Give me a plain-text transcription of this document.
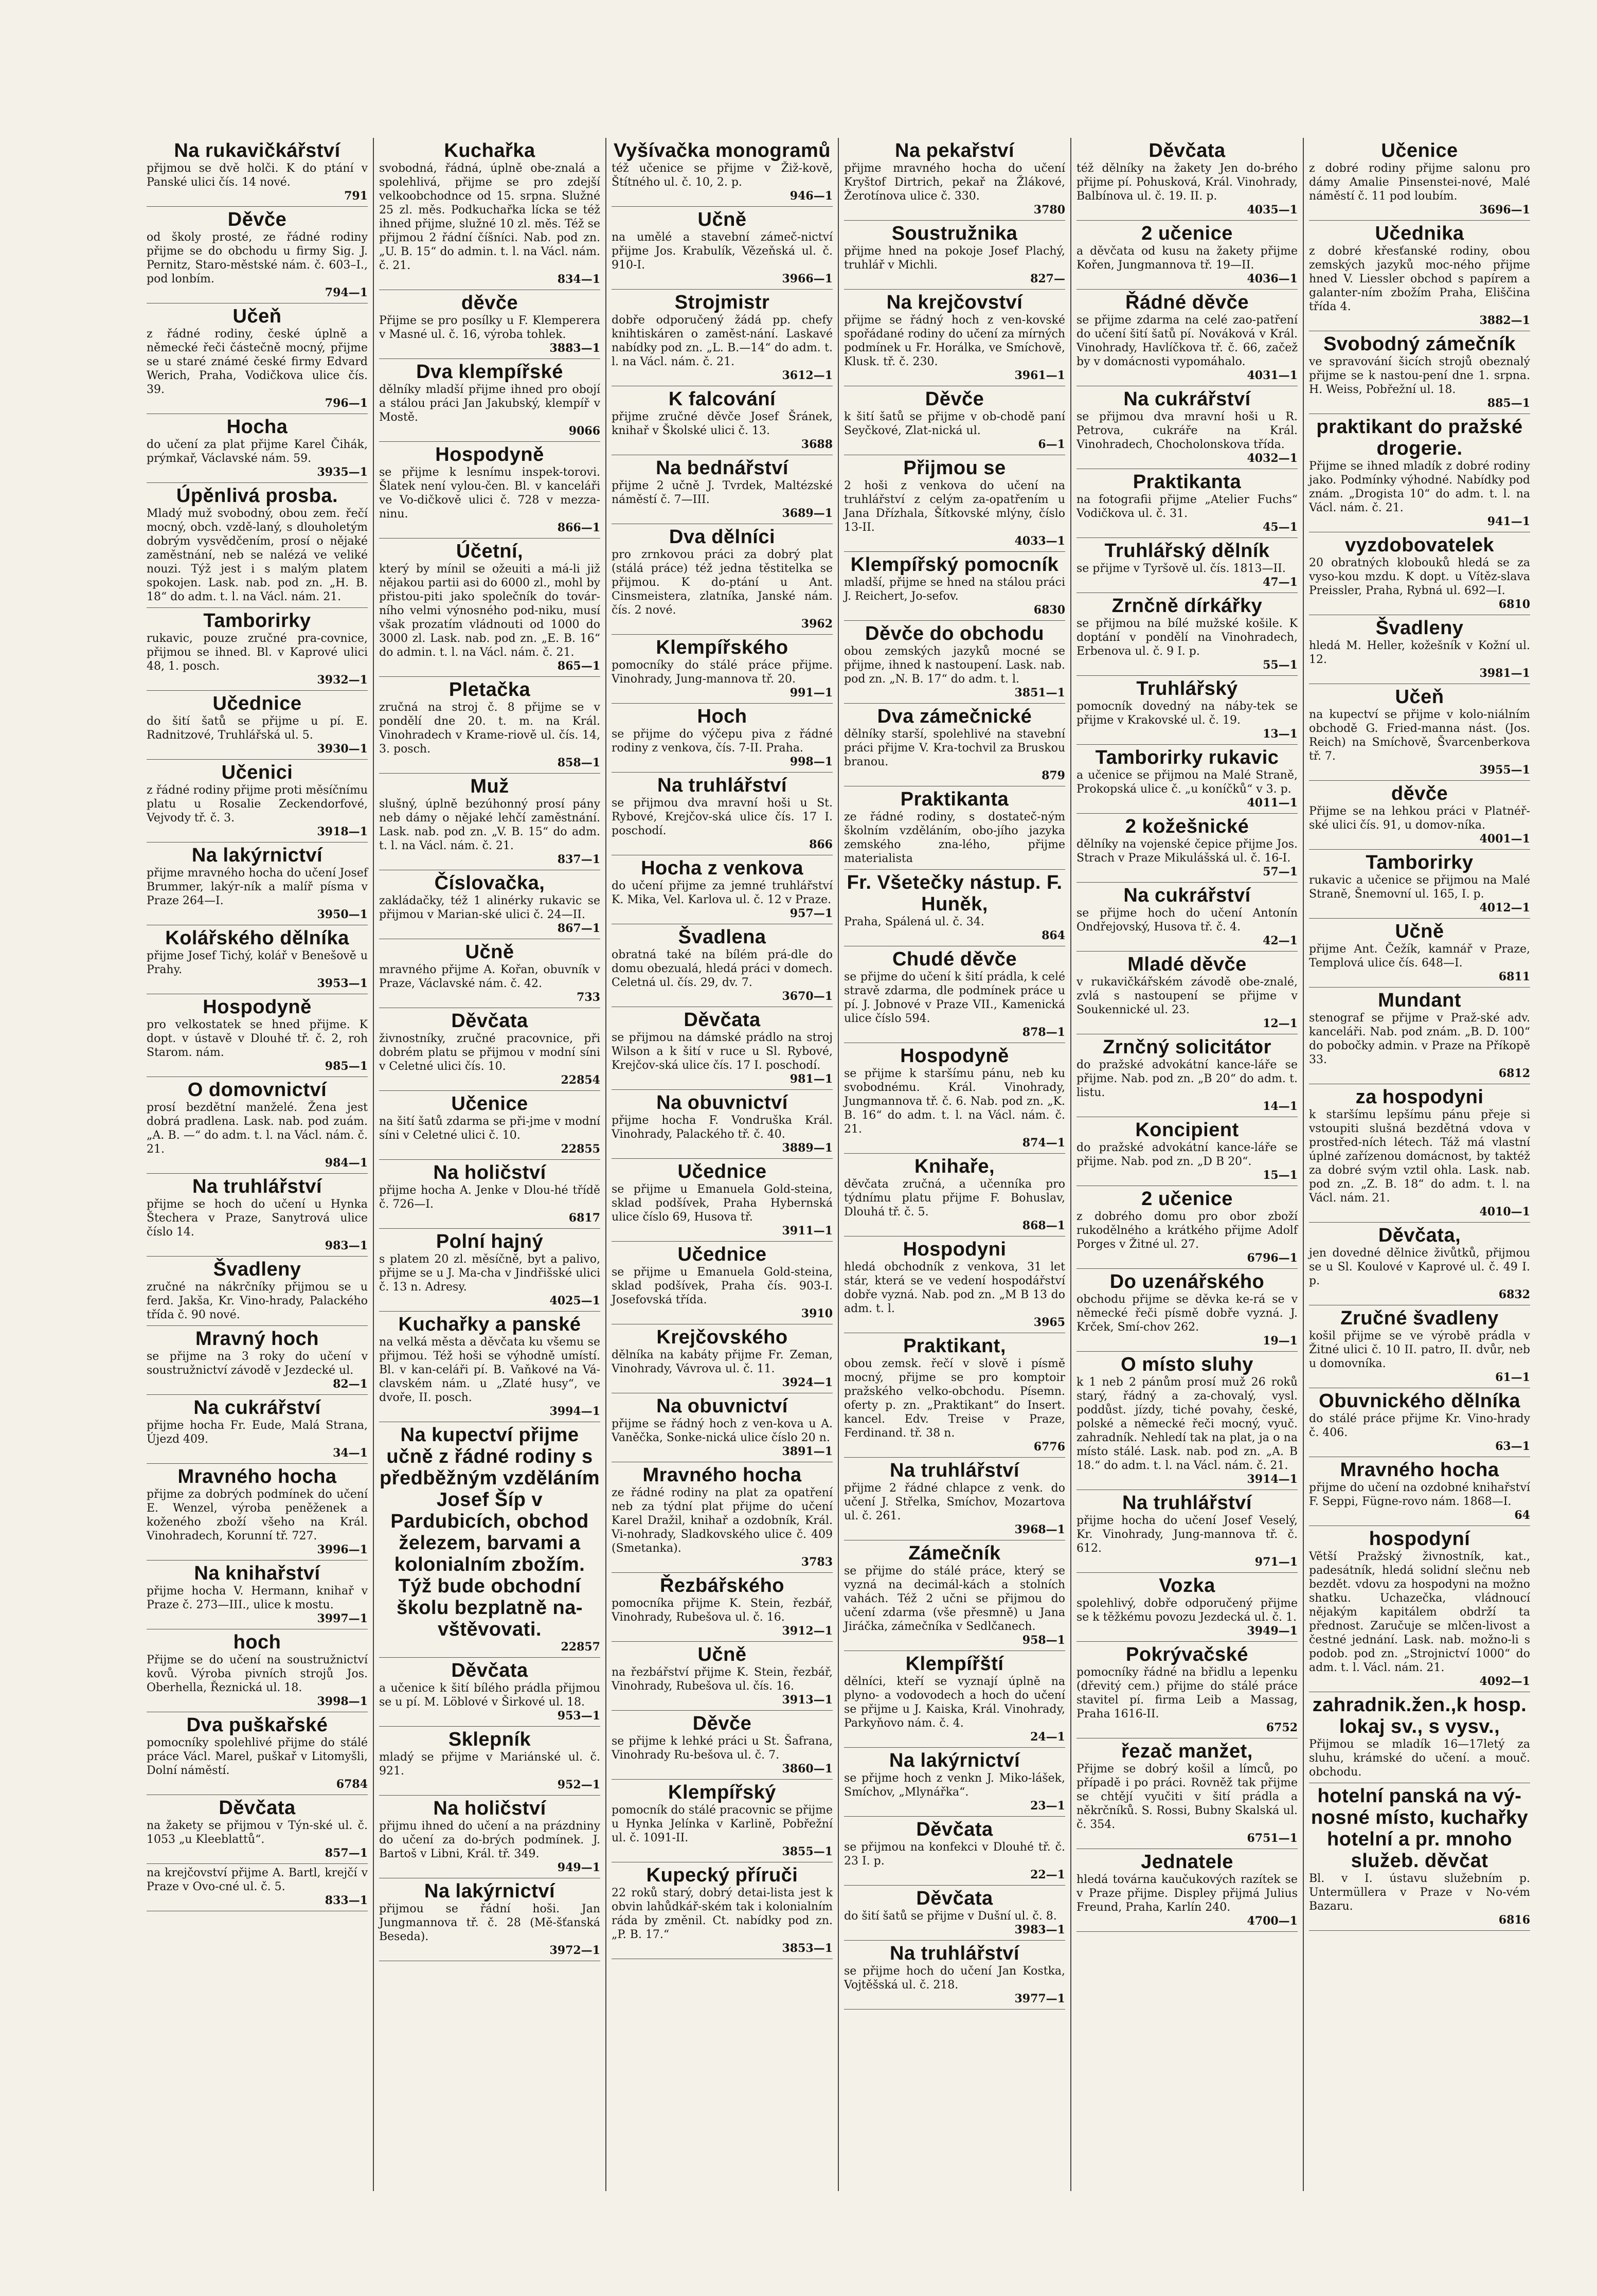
Na rukavičkářství
přijmou se dvě holči. K do ptání v Panské ulici čís. 14 nové.
791
Děvče
od školy prosté, ze řádné rodiny přijme se do obchodu u firmy Sig. J. Pernitz, Staro-městské nám. č. 603–I., pod lonbím.
794—1
Učeň
z řádné rodiny, české úplně a německé řeči částečně mocný, přijme se u staré známé české firmy Edvard Werich, Praha, Vodičkova ulice čís. 39.
796—1
Hocha
do učení za plat přijme Karel Čihák, prýmkař, Václavské nám. 59.
3935—1
Úpěnlivá prosba.
Mladý muž svobodný, obou zem. řečí mocný, obch. vzdě-laný, s dlouholetým dobrým vysvědčením, prosí o nějaké zaměstnání, neb se nalézá ve veliké nouzi. Týž jest i s malým platem spokojen. Lask. nab. pod zn. „H. B. 18“ do adm. t. l. na Václ. nám. 21.
Tamborirky
rukavic, pouze zručné pra-covnice, přijmou se ihned. Bl. v Kaprové ulici 48, 1. posch.
3932—1
Učednice
do šití šatů se přijme u pí. E. Radnitzové, Truhlářská ul. 5.
3930—1
Učenici
z řádné rodiny přijme proti měsíčnímu platu u Rosalie Zeckendorfové, Vejvody tř. č. 3.
3918—1
Na lakýrnictví
přijme mravného hocha do učení Josef Brummer, lakýr-ník a malíř písma v Praze 264—I.
3950—1
Kolářského dělníka
přijme Josef Tichý, kolář v Benešově u Prahy.
3953—1
Hospodyně
pro velkostatek se hned přijme. K dopt. v ústavě v Dlouhé tř. č. 2, roh Starom. nám.
985—1
O domovnictví
prosí bezdětní manželé. Žena jest dobrá pradlena. Lask. nab. pod zuám. „A. B. —“ do adm. t. l. na Václ. nám. č. 21.
984—1
Na truhlářství
přijme se hoch do učení u Hynka Štechera v Praze, Sanytrová ulice číslo 14.
983—1
Švadleny
zručné na nákrčníky přijmou se u ferd. Jakša, Kr. Vino-hrady, Palackého třída č. 90 nové.
Mravný hoch
se přijme na 3 roky do učení v soustružnictví závodě v Jezdecké ul.
82—1
Na cukrářství
přijme hocha Fr. Eude, Malá Strana, Újezd 409.
34—1
Mravného hocha
přijme za dobrých podmínek do učení E. Wenzel, výroba peněženek a koženého zboží všeho na Král. Vinohradech, Korunní tř. 727.
3996—1
Na knihařství
přijme hocha V. Hermann, knihař v Praze č. 273—III., ulice k mostu.
3997—1
hoch
Přijme se do učení na soustružnictví kovů. Výroba pivních strojů Jos. Oberhella, Řeznická ul. 18.
3998—1
Dva puškařské
pomocníky spolehlivé přijme do stálé práce Václ. Marel, puškař v Litomyšli, Dolní náměstí.
6784
Děvčata
na žakety se přijmou v Týn-ské ul. č. 1053 „u Kleeblattů“.
857—1
na krejčovství přijme A. Bartl, krejčí v Praze v Ovo-cné ul. č. 5.
833—1
Kuchařka
svobodná, řádná, úplně obe-znalá a spolehlivá, přijme se pro zdejší velkoobchodnce od 15. srpna. Služné 25 zl. měs. Podkuchařka lícka se též ihned přijme, služné 10 zl. měs. Též se přijmou 2 řádní číšníci. Nab. pod zn. „U. B. 15“ do admin. t. l. na Václ. nám. č. 21.
834—1
děvče
Přijme se pro posílky u F. Klemperera v Masné ul. č. 16, výroba tohlek.
3883—1
Dva klempířské
dělníky mladší přijme ihned pro obojí a stálou práci Jan Jakubský, klempíř v Mostě.
9066
Hospodyně
se přijme k lesnímu inspek-torovi. Šlatek není vylou-čen. Bl. v kanceláři ve Vo-dičkově ulici č. 728 v mezza-ninu.
866—1
Účetní,
který by mínil se ožeuiti a má-li již nějakou partii asi do 6000 zl., mohl by přistou-piti jako společník do továr-ního velmi výnosného pod-niku, musí však prozatím vládnouti od 1000 do 3000 zl. Lask. nab. pod zn. „E. B. 16“ do admin. t. l. na Václ. nám. č. 21.
865—1
Pletačka
zručná na stroj č. 8 přijme se v pondělí dne 20. t. m. na Král. Vinohradech v Krame-riově ul. čís. 14, 3. posch.
858—1
Muž
slušný, úplně bezúhonný prosí pány neb dámy o nějaké lehčí zaměstnání. Lask. nab. pod zn. „V. B. 15“ do adm. t. l. na Václ. nám. č. 21.
837—1
Číslovačka,
zakládačky, též 1 alinérky rukavic se přijmou v Marian-ské ulici č. 24—II.
867—1
Učně
mravného přijme A. Kořan, obuvník v Praze, Václavské nám. č. 42.
733
Děvčata
živnostníky, zručné pracovnice, při dobrém platu se přijmou v modní síni v Celetné ulici čís. 10.
22854
Učenice
na šití šatů zdarma se při-jme v modní síni v Celetné ulici č. 10.
22855
Na holičství
přijme hocha A. Jenke v Dlou-hé třídě č. 726—I.
6817
Polní hajný
s platem 20 zl. měsíčně, byt a palivo, přijme se u J. Ma-cha v Jindřišské ulici č. 13 n. Adresy.
4025—1
Kuchařky a panské
na velká města a děvčata ku všemu se přijmou. Též hoši se výhodně umístí. Bl. v kan-celáři pí. B. Vaňkové na Vá-clavském nám. u „Zlaté husy“, ve dvoře, II. posch.
3994—1
Na kupectví přijme učně z řádné rodiny s předběžným vzděláním Josef Šíp v Pardubicích, obchod železem, barvami a kolonialním zbožím. Týž bude obchodní školu bezplatně na-vštěvovati.
22857
Děvčata
a učenice k šití bílého prádla přijmou se u pí. M. Löblové v Širkové ul. 18.
953—1
Sklepník
mladý se přijme v Mariánské ul. č. 921.
952—1
Na holičství
přijmu ihned do učení a na prázdniny do učení za do-brých podmínek. J. Bartoš v Libni, Král. tř. 349.
949—1
Na lakýrnictví
přijmou se řádní hoši. Jan Jungmannova tř. č. 28 (Mě-šťanská Beseda).
3972—1
Vyšívačka monogramů
též učenice se přijme v Žiž-kově, Štítného ul. č. 10, 2. p.
946—1
Učně
na umělé a stavební zámeč-nictví přijme Jos. Krabulík, Vězeňská ul. č. 910-I.
3966—1
Strojmistr
dobře odporučený žádá pp. chefy knihtiskáren o zaměst-nání. Laskavé nabídky pod zn. „L. B.—14“ do adm. t. l. na Václ. nám. č. 21.
3612—1
K falcování
přijme zručné děvče Josef Šránek, knihař v Školské ulici č. 13.
3688
Na bednářství
přijme 2 učně J. Tvrdek, Maltézské náměstí č. 7—III.
3689—1
Dva dělníci
pro zrnkovou práci za dobrý plat (stálá práce) též jedna těstitelka se přijmou. K do-ptání u Ant. Cinsmeistera, zlatníka, Janské nám. čís. 2 nové.
3962
Klempířského
pomocníky do stálé práce přijme. Vinohrady, Jung-mannova tř. 20.
991—1
Hoch
se přijme do výčepu piva z řádné rodiny z venkova, čís. 7-II. Praha.
998—1
Na truhlářství
se přijmou dva mravní hoši u St. Rybové, Krejčov-ská ulice čís. 17 I. poschodí.
866
Hocha z venkova
do učení přijme za jemné truhlářství K. Mika, Vel. Karlova ul. č. 12 v Praze.
957—1
Švadlena
obratná také na bílém prá-dle do domu obezualá, hledá práci v domech. Celetná ul. čís. 29, dv. 7.
3670—1
Děvčata
se přijmou na dámské prádlo na stroj Wilson a k šití v ruce u Sl. Rybové, Krejčov-ská ulice čís. 17 I. poschodí.
981—1
Na obuvnictví
přijme hocha F. Vondruška Král. Vinohrady, Palackého tř. č. 40.
3889—1
Učednice
se přijme u Emanuela Gold-steina, sklad podšívek, Praha Hybernská ulice číslo 69, Husova tř.
3911—1
Učednice
se přijme u Emanuela Gold-steina, sklad podšívek, Praha čís. 903-I. Josefovská třída.
3910
Krejčovského
dělníka na kabáty přijme Fr. Zeman, Vinohrady, Vávrova ul. č. 11.
3924—1
Na obuvnictví
přijme se řádný hoch z ven-kova u A. Vaněčka, Sonke-nická ulice číslo 20 n.
3891—1
Mravného hocha
ze řádné rodiny na plat za opatření neb za týdní plat přijme do učení Karel Dražil, knihař a ozdobník, Král. Vi-nohrady, Sladkovského ulice č. 409 (Smetanka).
3783
Řezbářského
pomocníka přijme K. Stein, řezbář, Vinohrady, Rubešova ul. č. 16.
3912—1
Učně
na řezbářství přijme K. Stein, řezbář, Vinohrady, Rubešova ul. čís. 16.
3913—1
Děvče
se přijme k lehké práci u St. Šafrana, Vinohrady Ru-bešova ul. č. 7.
3860—1
Klempířský
pomocník do stálé pracovnic se přijme u Hynka Jelínka v Karlině, Pobřežní ul. č. 1091-II.
3855—1
Kupecký příruči
22 roků starý, dobrý detai-lista jest k obvin lahůdkář-ském tak i kolonialním ráda by změnil. Ct. nabídky pod zn. „P. B. 17.“
3853—1
Na pekařství
přijme mravného hocha do učení Kryštof Dirtrich, pekař na Žlákové, Žerotínova ulice č. 330.
3780
Soustružnika
přijme hned na pokoje Josef Plachý, truhlář v Michli.
827—
Na krejčovství
přijme se řádný hoch z ven-kovské spořádané rodiny do učení za mírných podmínek u Fr. Horálka, ve Smíchově, Klusk. tř. č. 230.
3961—1
Děvče
k šití šatů se přijme v ob-chodě paní Seyčkové, Zlat-nická ul.
6—1
Přijmou se
2 hoši z venkova do učení na truhlářství z celým za-opatřením u Jana Dřízhala, Šítkovské mlýny, číslo 13-II.
4033—1
Klempířský pomocník
mladší, přijme se hned na stálou práci J. Reichert, Jo-sefov.
6830
Děvče do obchodu
obou zemských jazyků mocné se přijme, ihned k nastoupení. Lask. nab. pod zn. „N. B. 17“ do adm. t. l.
3851—1
Dva zámečnické
dělníky starší, spolehlivé na stavební práci přijme V. Kra-tochvil za Bruskou branou.
879
Praktikanta
ze řádné rodiny, s dostateč-ným školním vzděláním, obo-jího jazyka zemského zna-lého, přijme materialista
Fr. Všetečky nástup. F. Huněk,
Praha, Spálená ul. č. 34.
864
Chudé děvče
se přijme do učení k šití prádla, k celé stravě zdarma, dle podmínek práce u pí. J. Jobnové v Praze VII., Kamenická ulice číslo 594.
878—1
Hospodyně
se přijme k staršímu pánu, neb ku svobodnému. Král. Vinohrady, Jungmannova tř. č. 6. Nab. pod zn. „K. B. 16“ do adm. t. l. na Václ. nám. č. 21.
874—1
Knihaře,
děvčata zručná, a učenníka pro týdnímu platu přijme F. Bohuslav, Dlouhá tř. č. 5.
868—1
Hospodyni
hledá obchodník z venkova, 31 let stár, která se ve vedení hospodářství dobře vyzná. Nab. pod zn. „M B 13 do adm. t. l.
3965
Praktikant,
obou zemsk. řečí v slově i písmě mocný, přijme se pro komptoir pražského velko-obchodu. Písemn. oferty p. zn. „Praktikant“ do Insert. kancel. Edv. Treise v Praze, Ferdinand. tř. 38 n.
6776
Na truhlářství
přijme 2 řádné chlapce z venk. do učení J. Střelka, Smíchov, Mozartova ul. č. 261.
3968—1
Zámečník
se přijme do stálé práce, který se vyzná na decimál-kách a stolních vahách. Též 2 učni se přijmou do učení zdarma (vše přesmně) u Jana Jiráčka, zámečníka v Sedlčanech.
958—1
Klempířští
dělníci, kteří se vyznají úplně na plyno- a vodovodech a hoch do učení se přijme u J. Kaiska, Král. Vinohrady, Parkyňovo nám. č. 4.
24—1
Na lakýrnictví
se přijme hoch z venkn J. Miko-lášek, Smíchov, „Mlynářka“.
23—1
Děvčata
se přijmou na konfekci v Dlouhé tř. č. 23 I. p.
22—1
Děvčata
do šití šatů se přijme v Dušní ul. č. 8.
3983—1
Na truhlářství
se přijme hoch do učení Jan Kostka, Vojtěšská ul. č. 218.
3977—1
Děvčata
též dělníky na žakety Jen do-brého přijme pí. Pohusková, Král. Vinohrady, Balbínova ul. č. 19. II. p.
4035—1
2 učenice
a děvčata od kusu na žakety přijme Kořen, Jungmannova tř. 19—II.
4036—1
Řádné děvče
se přijme zdarma na celé zao-patření do učení šití šatů pí. Nováková v Král. Vinohrady, Havlíčkova tř. č. 66, začež by v domácnosti vypomáhalo.
4031—1
Na cukrářství
se přijmou dva mravní hoši u R. Petrova, cukráře na Král. Vinohradech, Chocholonskova třída.
4032—1
Praktikanta
na fotografii přijme „Atelier Fuchs“ Vodičkova ul. č. 31.
45—1
Truhlářský dělník
se přijme v Tyršově ul. čís. 1813—II.
47—1
Zrnčně dírkářky
se přijmou na bílé mužské košile. K doptání v pondělí na Vinohradech, Erbenova ul. č. 9 I. p.
55—1
Truhlářský
pomocník dovedný na náby-tek se přijme v Krakovské ul. č. 19.
13—1
Tamborirky rukavic
a učenice se přijmou na Malé Straně, Prokopská ulice č. „u koníčků“ v 3. p.
4011—1
2 kožešnické
dělníky na vojenské čepice přijme Jos. Strach v Praze Mikulášská ul. č. 16-I.
57—1
Na cukrářství
se přijme hoch do učení Antonín Ondřejovský, Husova tř. č. 4.
42—1
Mladé děvče
v rukavičkářském závodě obe-znalé, zvlá s nastoupení se přijme v Soukennické ul. 23.
12—1
Zrnčný solicitátor
do pražské advokátní kance-láře se přijme. Nab. pod zn. „B 20“ do adm. t. listu.
14—1
Koncipient
do pražské advokátní kance-láře se přijme. Nab. pod zn. „D B 20“.
15—1
2 učenice
z dobrého domu pro obor zboží rukodělného a krátkého přijme Adolf Porges v Žitné ul. 27.
6796—1
Do uzenářského
obchodu přijme se děvka ke-rá se v německé řeči písmě dobře vyzná. J. Krček, Smí-chov 262.
19—1
O místo sluhy
k 1 neb 2 pánům prosí muž 26 roků starý, řádný a za-chovalý, vysl. poddůst. jízdy, tiché povahy, české, polské a německé řeči mocný, vyuč. zahradník. Nehledí tak na plat, ja o na místo stálé. Lask. nab. pod zn. „A. B 18.“ do adm. t. l. na Václ. nám. č. 21.
3914—1
Na truhlářství
přijme hocha do učení Josef Veselý, Kr. Vinohrady, Jung-mannova tř. č. 612.
971—1
Vozka
spolehlivý, dobře odporučený přijme se k těžkému povozu Jezdecká ul. č. 1.
3949—1
Pokrývačské
pomocníky řádné na břidlu a lepenku (dřevitý cem.) přijme do stálé práce stavitel pí. firma Leib a Massag, Praha 1616-II.
6752
řezač manžet,
Přijme se dobrý košil a límců, po případě i po práci. Rovněž tak přijme se chtějí vyučiti v šití prádla a někrčníků. S. Rossi, Bubny Skalská ul. č. 354.
6751—1
Jednatele
hledá továrna kaučukových razítek se v Praze přijme. Displey přijmá Julius Freund, Praha, Karlín 240.
4700—1
Učenice
z dobré rodiny přijme salonu pro dámy Amalie Pinsenstei-nové, Malé náměstí č. 11 pod loubím.
3696—1
Učednika
z dobré křesťanské rodiny, obou zemských jazyků moc-ného přijme hned V. Liessler obchod s papírem a galanter-ním zbožím Praha, Eliščina třída 4.
3882—1
Svobodný zámečník
ve spravování šicích strojů obeznalý přijme se k nastou-pení dne 1. srpna. H. Weiss, Pobřežní ul. 18.
885—1
praktikant do pražské drogerie.
Přijme se ihned mladík z dobré rodiny jako. Podmínky výhodné. Nabídky pod znám. „Drogista 10“ do adm. t. l. na Václ. nám. č. 21.
941—1
vyzdobovatelek
20 obratných klobouků hledá se za vyso-kou mzdu. K dopt. u Vítěz-slava Preissler, Praha, Rybná ul. 692—I.
6810
Švadleny
hledá M. Heller, kožešník v Kožní ul. 12.
3981—1
Učeň
na kupectví se přijme v kolo-niálním obchodě G. Fried-manna nást. (Jos. Reich) na Smíchově, Švarcenberkova tř. 7.
3955—1
děvče
Přijme se na lehkou práci v Platnéř-ské ulici čís. 91, u domov-níka.
4001—1
Tamborirky
rukavic a učenice se přijmou na Malé Straně, Šnemovní ul. 165, I. p.
4012—1
Učně
přijme Ant. Čežík, kamnář v Praze, Templová ulice čís. 648—I.
6811
Mundant
stenograf se přijme v Praž-ské adv. kanceláři. Nab. pod znám. „B. D. 100“ do pobočky admin. v Praze na Příkopě 33.
6812
za hospodyni
k staršímu lepšímu pánu přeje si vstoupiti slušná bezdětná vdova v prostřed-ních létech. Táž má vlastní úplné zařízenou domácnost, by taktéž za dobré svým vztil ohla. Lask. nab. pod zn. „Z. B. 18“ do adm. t. l. na Václ. nám. 21.
4010—1
Děvčata,
jen dovedné dělnice živůtků, přijmou se u Sl. Koulové v Kaprové ul. č. 49 I. p.
6832
Zručné švadleny
košil přijme se ve výrobě prádla v Žitné ulici č. 10 II. patro, II. dvůr, neb u domovníka.
61—1
Obuvnického dělníka
do stálé práce přijme Kr. Vino-hrady č. 406.
63—1
Mravného hocha
přijme do učení na ozdobné knihařství F. Seppi, Fügne-rovo nám. 1868—I.
64
hospodyní
Větší Pražský živnostník, kat., padesátník, hledá solidní slečnu neb bezdět. vdovu za hospodyni na možno shatku. Uchazečka, vládnoucí nějakým kapitálem obdrží ta přednost. Zaručuje se mlčen-livost a čestné jednání. Lask. nab. možno-li s podob. pod zn. „Strojnictví 1000“ do adm. t. l. Václ. nám. 21.
4092—1
zahradnik.žen.,k hosp. lokaj sv., s vysv.,
Přijmou se mladík 16—17letý za sluhu, krámské do učení. a mouč. obchodu.
hotelní panská na vý-nosné místo, kuchařky hotelní a pr. mnoho služeb. děvčat
Bl. v I. ústavu služebním p. Untermüllera v Praze v No-vém Bazaru.
6816
